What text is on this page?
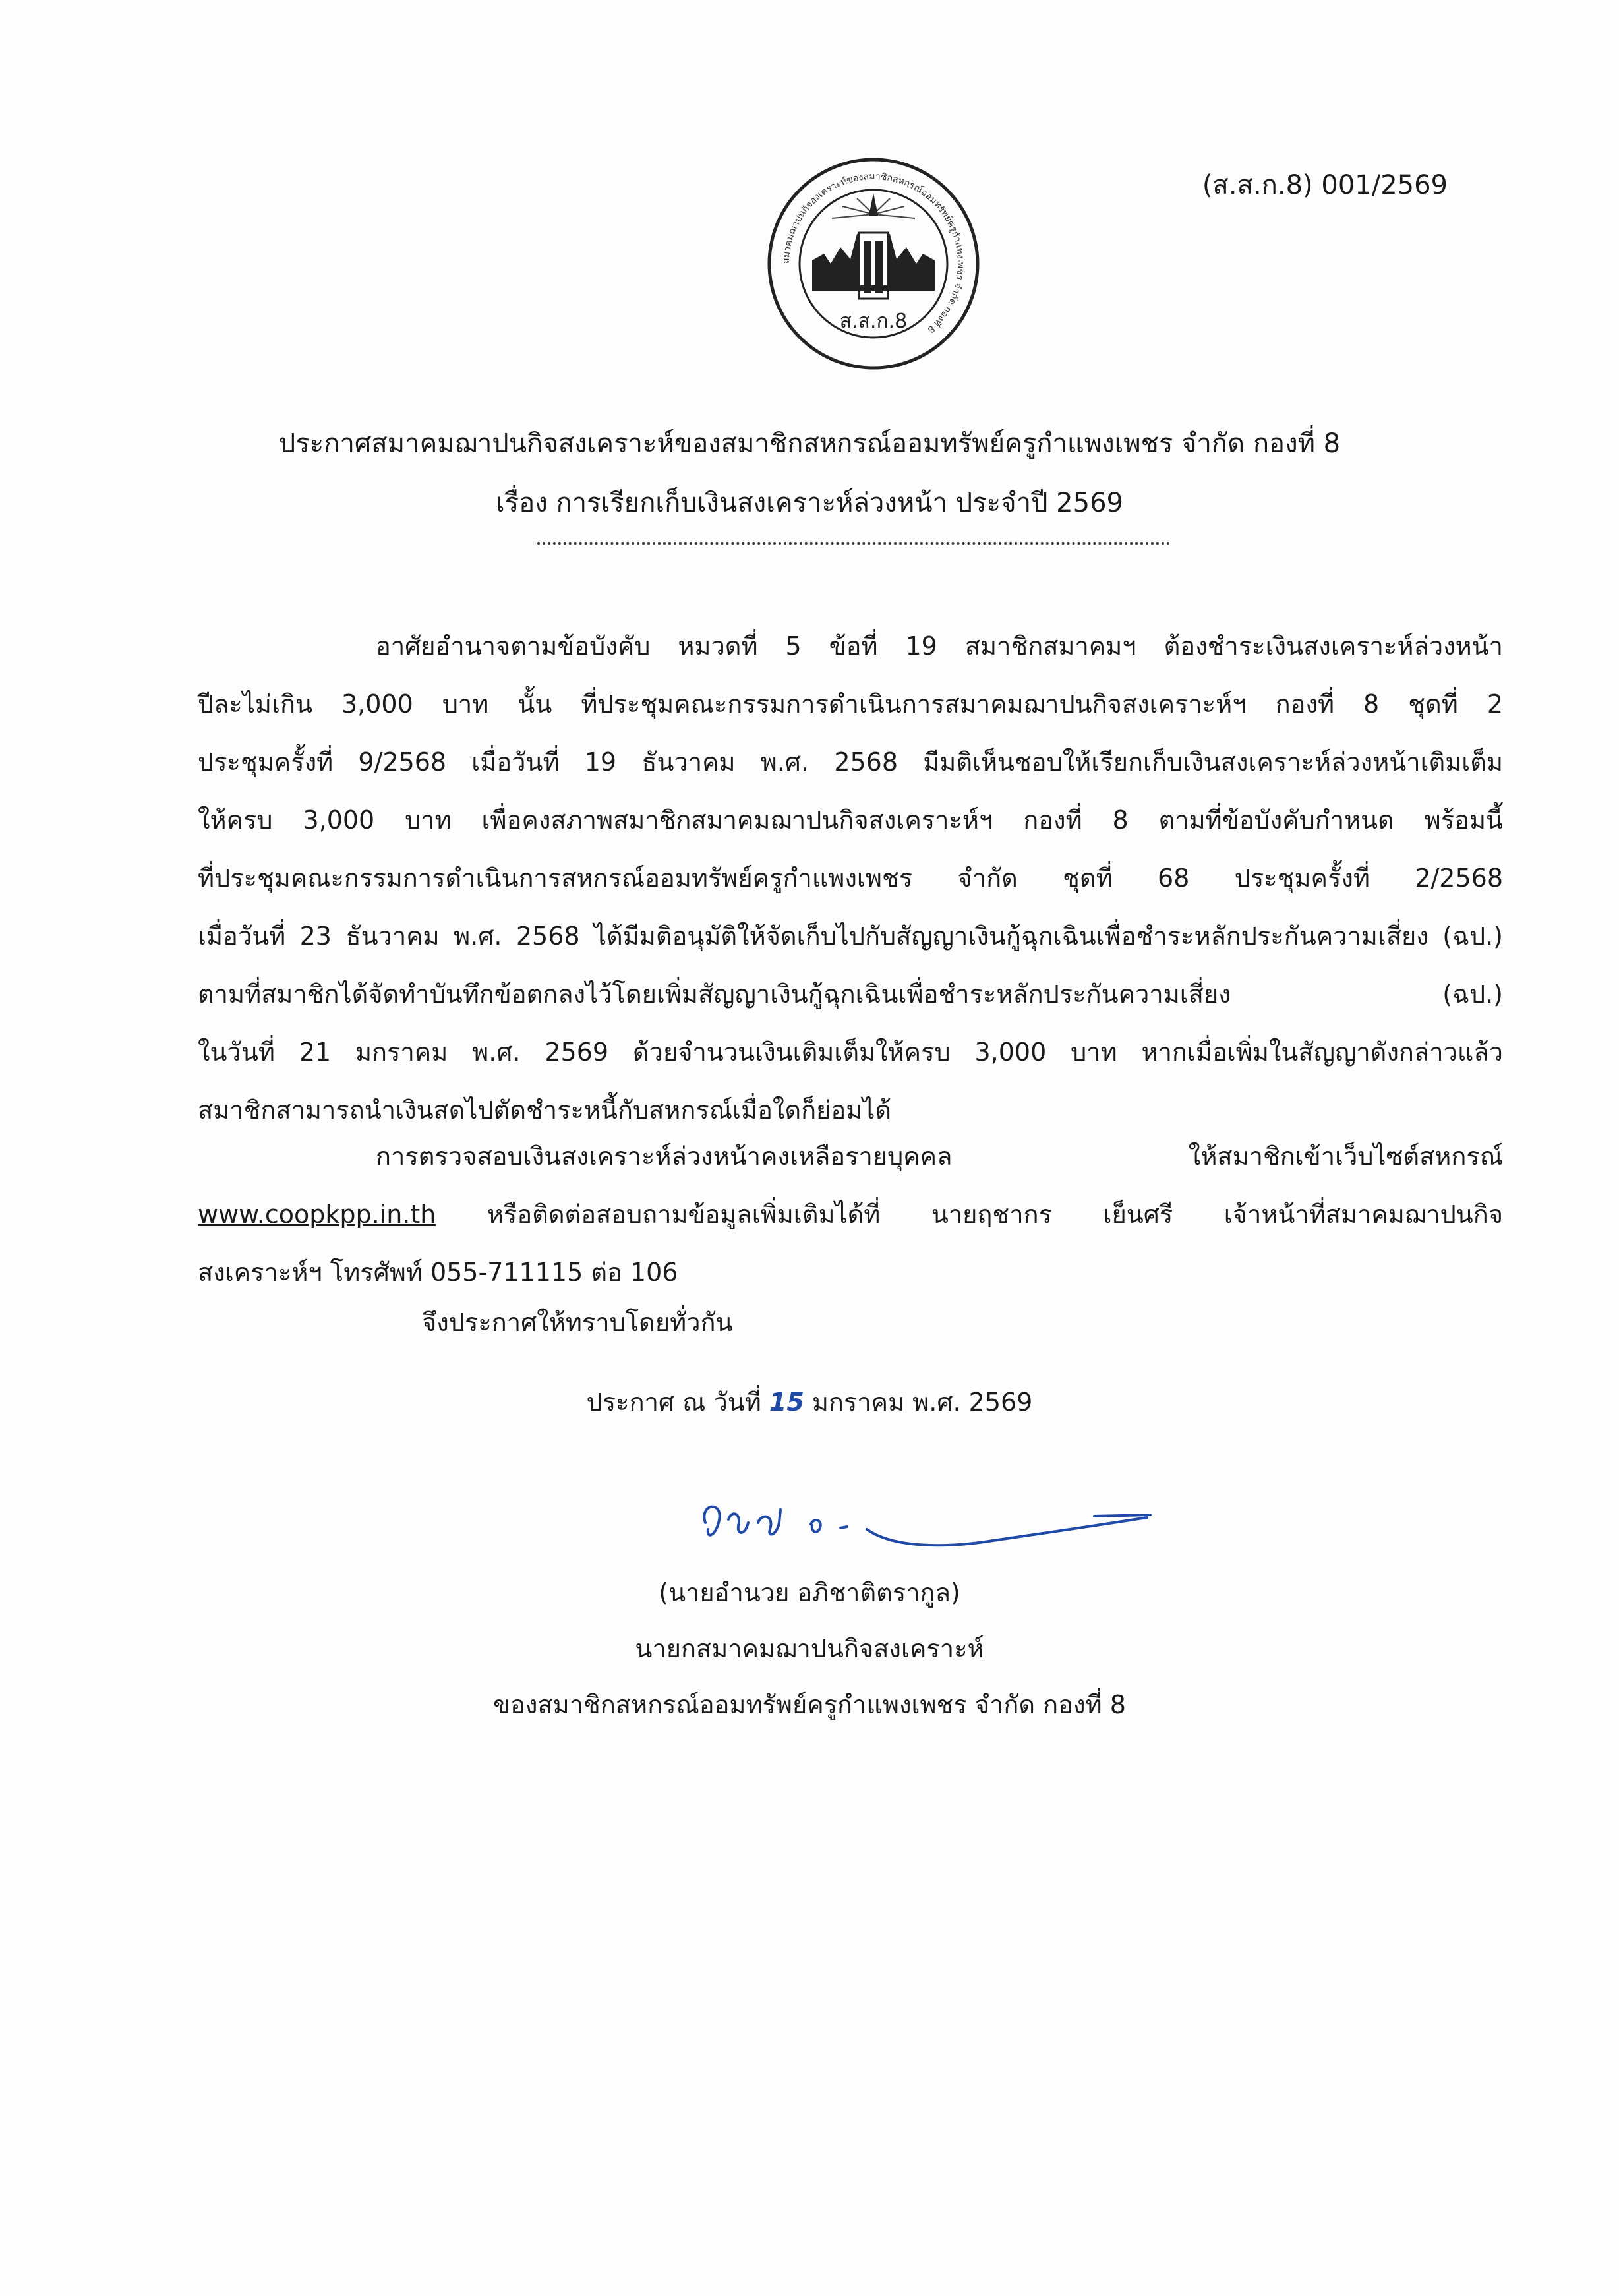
(ส.ส.ก.8) 001/2569
สมาคมฌาปนกิจสงเคราะห์ของสมาชิกสหกรณ์ออมทรัพย์ครูกำแพงเพชร จำกัด กองที่ 8
ส.ส.ก.8
ประกาศสมาคมฌาปนกิจสงเคราะห์ของสมาชิกสหกรณ์ออมทรัพย์ครูกำแพงเพชร จำกัด กองที่ 8
เรื่อง การเรียกเก็บเงินสงเคราะห์ล่วงหน้า ประจำปี 2569
อาศัยอำนาจตามข้อบังคับ หมวดที่ 5 ข้อที่ 19 สมาชิกสมาคมฯ ต้องชำระเงินสงเคราะห์ล่วงหน้า
ปีละไม่เกิน 3,000 บาท นั้น ที่ประชุมคณะกรรมการดำเนินการสมาคมฌาปนกิจสงเคราะห์ฯ กองที่ 8 ชุดที่ 2
ประชุมครั้งที่ 9/2568 เมื่อวันที่ 19 ธันวาคม พ.ศ. 2568 มีมติเห็นชอบให้เรียกเก็บเงินสงเคราะห์ล่วงหน้าเติมเต็ม
ให้ครบ 3,000 บาท เพื่อคงสภาพสมาชิกสมาคมฌาปนกิจสงเคราะห์ฯ กองที่ 8 ตามที่ข้อบังคับกำหนด พร้อมนี้
ที่ประชุมคณะกรรมการดำเนินการสหกรณ์ออมทรัพย์ครูกำแพงเพชร จำกัด ชุดที่ 68 ประชุมครั้งที่ 2/2568
เมื่อวันที่ 23 ธันวาคม พ.ศ. 2568 ได้มีมติอนุมัติให้จัดเก็บไปกับสัญญาเงินกู้ฉุกเฉินเพื่อชำระหลักประกันความเสี่ยง (ฉป.)
ตามที่สมาชิกได้จัดทำบันทึกข้อตกลงไว้โดยเพิ่มสัญญาเงินกู้ฉุกเฉินเพื่อชำระหลักประกันความเสี่ยง (ฉป.)
ในวันที่ 21 มกราคม พ.ศ. 2569 ด้วยจำนวนเงินเติมเต็มให้ครบ 3,000 บาท หากเมื่อเพิ่มในสัญญาดังกล่าวแล้ว
สมาชิกสามารถนำเงินสดไปตัดชำระหนี้กับสหกรณ์เมื่อใดก็ย่อมได้
การตรวจสอบเงินสงเคราะห์ล่วงหน้าคงเหลือรายบุคคล ให้สมาชิกเข้าเว็บไซต์สหกรณ์
www.coopkpp.in.th หรือติดต่อสอบถามข้อมูลเพิ่มเติมได้ที่ นายฤชากร เย็นศรี เจ้าหน้าที่สมาคมฌาปนกิจ
สงเคราะห์ฯ โทรศัพท์ 055-711115 ต่อ 106
จึงประกาศให้ทราบโดยทั่วกัน
ประกาศ ณ วันที่ 15 มกราคม พ.ศ. 2569
(นายอำนวย อภิชาติตรากูล)
นายกสมาคมฌาปนกิจสงเคราะห์
ของสมาชิกสหกรณ์ออมทรัพย์ครูกำแพงเพชร จำกัด กองที่ 8
